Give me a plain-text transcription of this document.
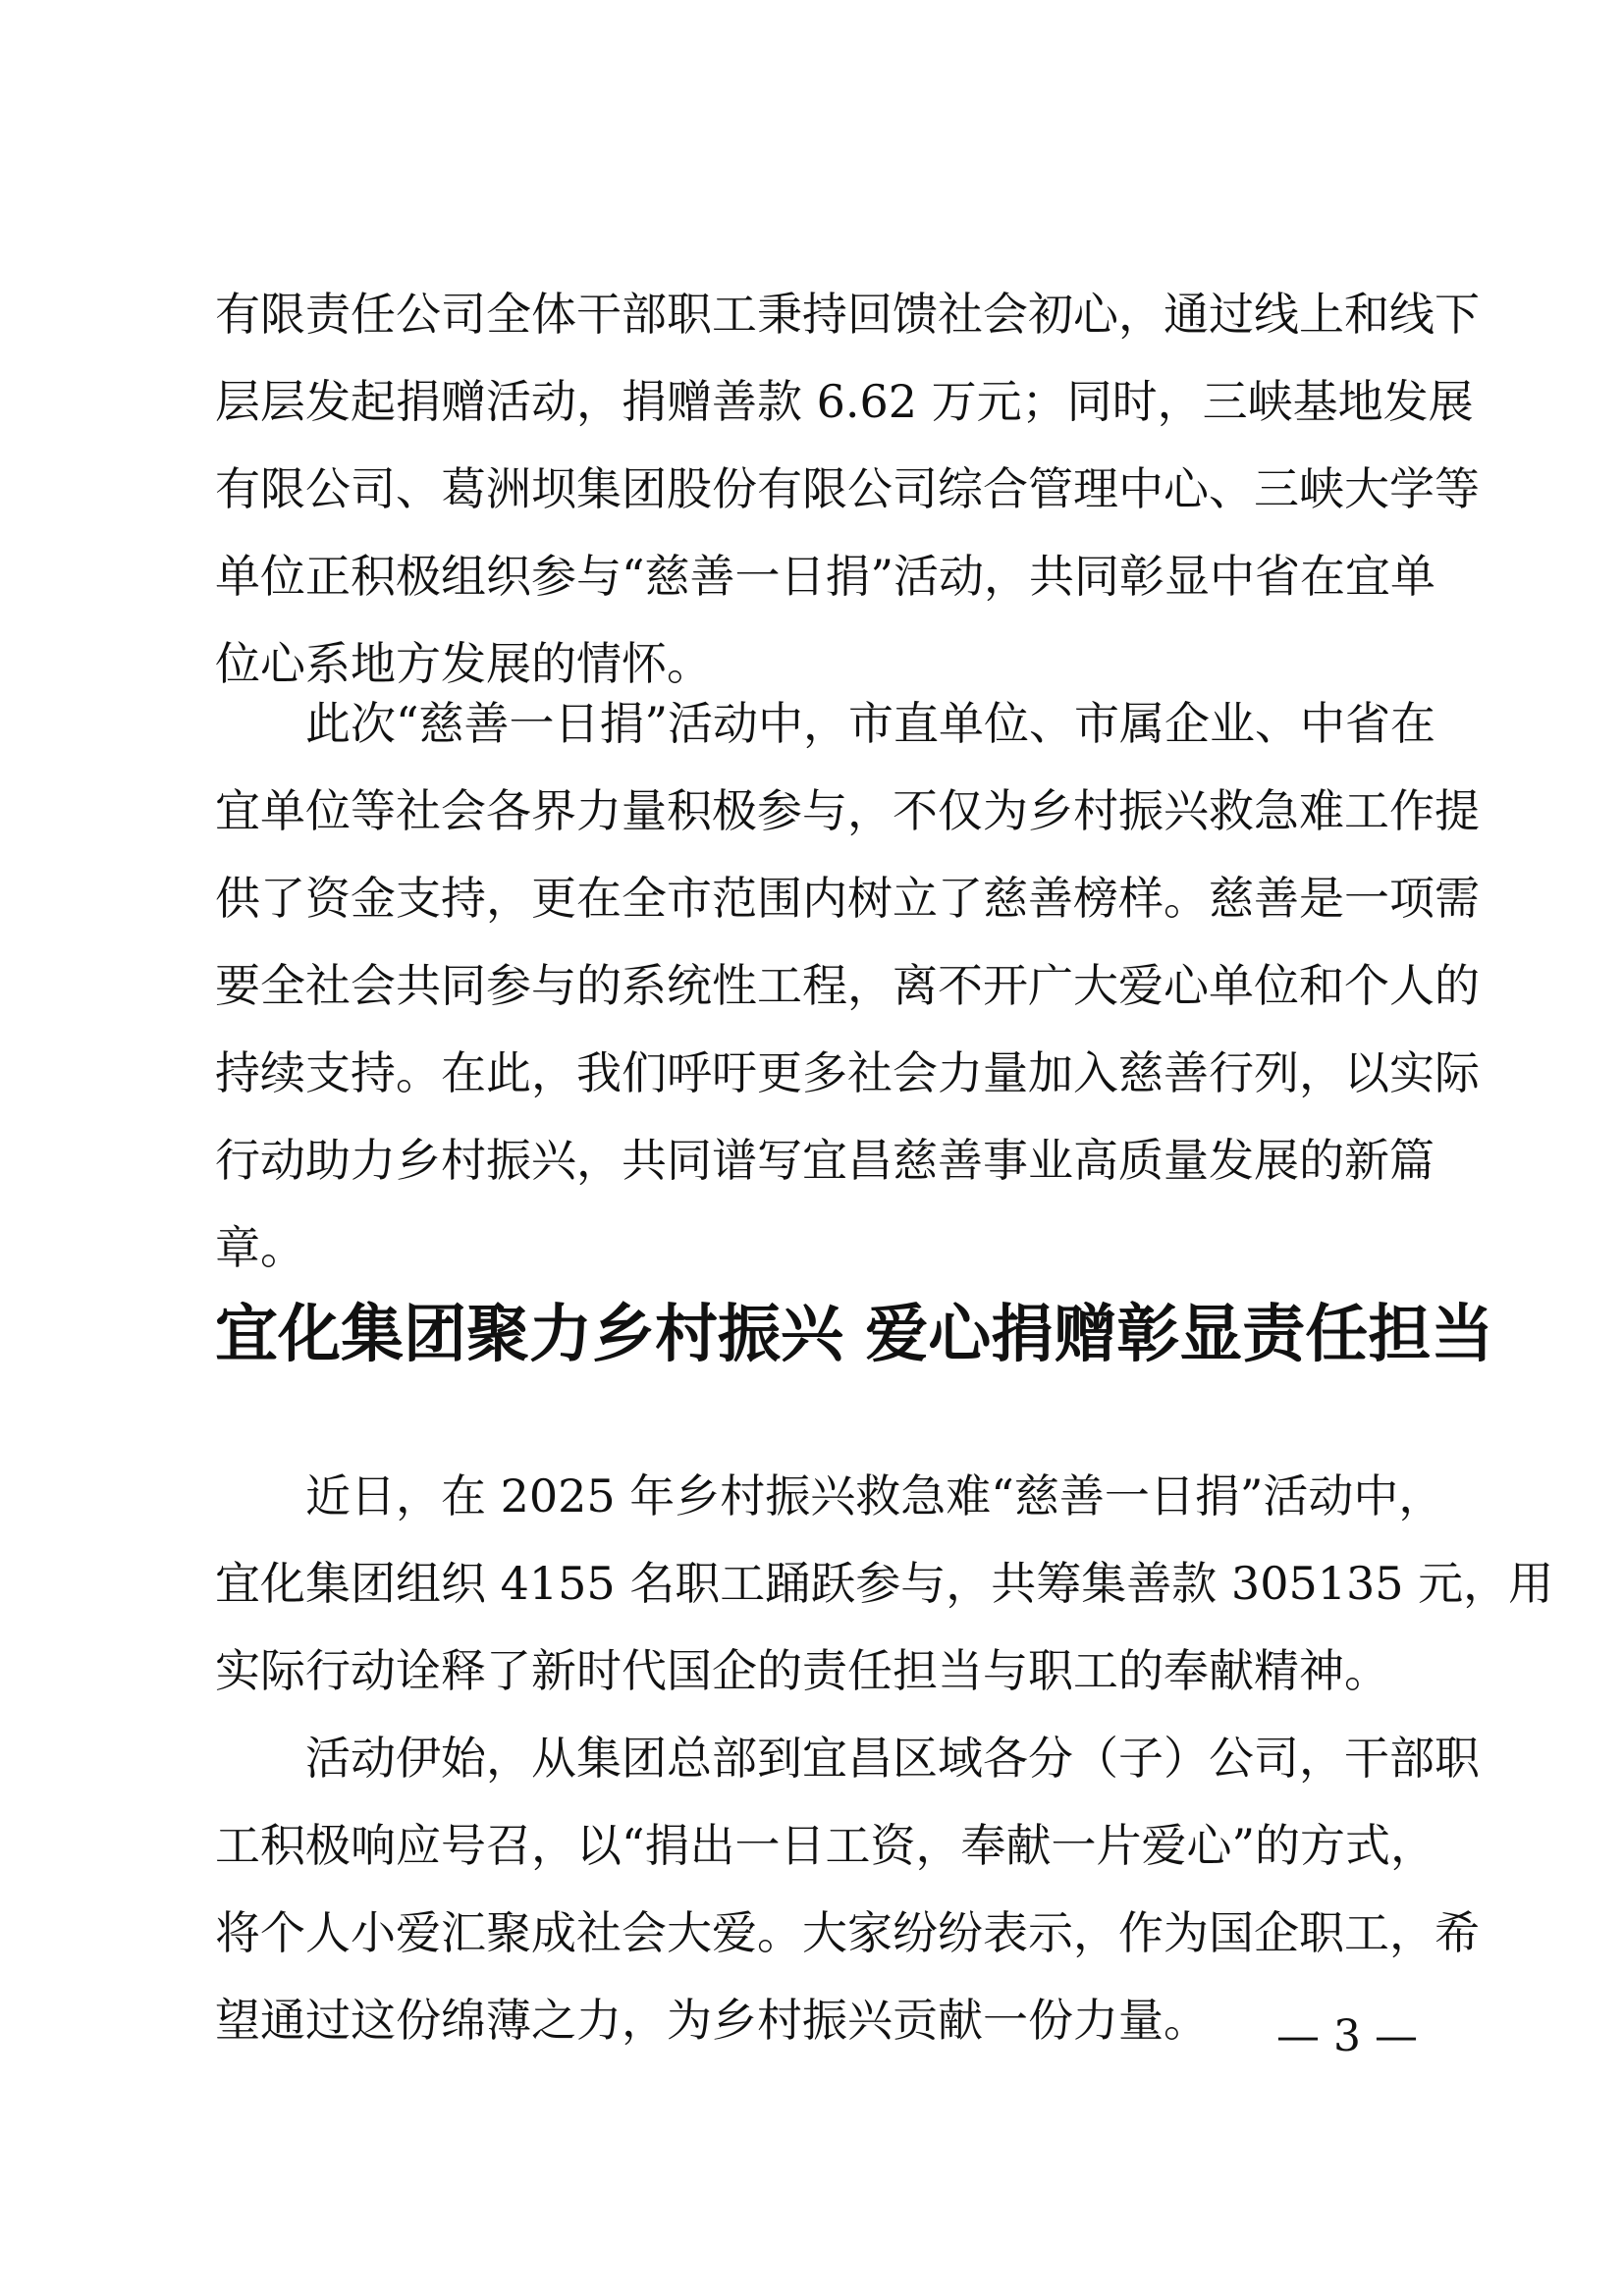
有限责任公司全体干部职工秉持回馈社会初心，通过线上和线下
层层发起捐赠活动，捐赠善款 6.62 万元；同时，三峡基地发展
有限公司、葛洲坝集团股份有限公司综合管理中心、三峡大学等
单位正积极组织参与“慈善一日捐”活动，共同彰显中省在宜单
位心系地方发展的情怀。
此次“慈善一日捐”活动中，市直单位、市属企业、中省在
宜单位等社会各界力量积极参与，不仅为乡村振兴救急难工作提
供了资金支持，更在全市范围内树立了慈善榜样。慈善是一项需
要全社会共同参与的系统性工程，离不开广大爱心单位和个人的
持续支持。在此，我们呼吁更多社会力量加入慈善行列，以实际
行动助力乡村振兴，共同谱写宜昌慈善事业高质量发展的新篇
章。
宜化集团聚力乡村振兴 爱心捐赠彰显责任担当
近日，在 2025 年乡村振兴救急难“慈善一日捐”活动中，
宜化集团组织 4155 名职工踊跃参与，共筹集善款 305135 元，用
实际行动诠释了新时代国企的责任担当与职工的奉献精神。
活动伊始，从集团总部到宜昌区域各分（子）公司，干部职
工积极响应号召，以“捐出一日工资，奉献一片爱心”的方式，
将个人小爱汇聚成社会大爱。大家纷纷表示，作为国企职工，希
望通过这份绵薄之力，为乡村振兴贡献一份力量。	— 3 —
